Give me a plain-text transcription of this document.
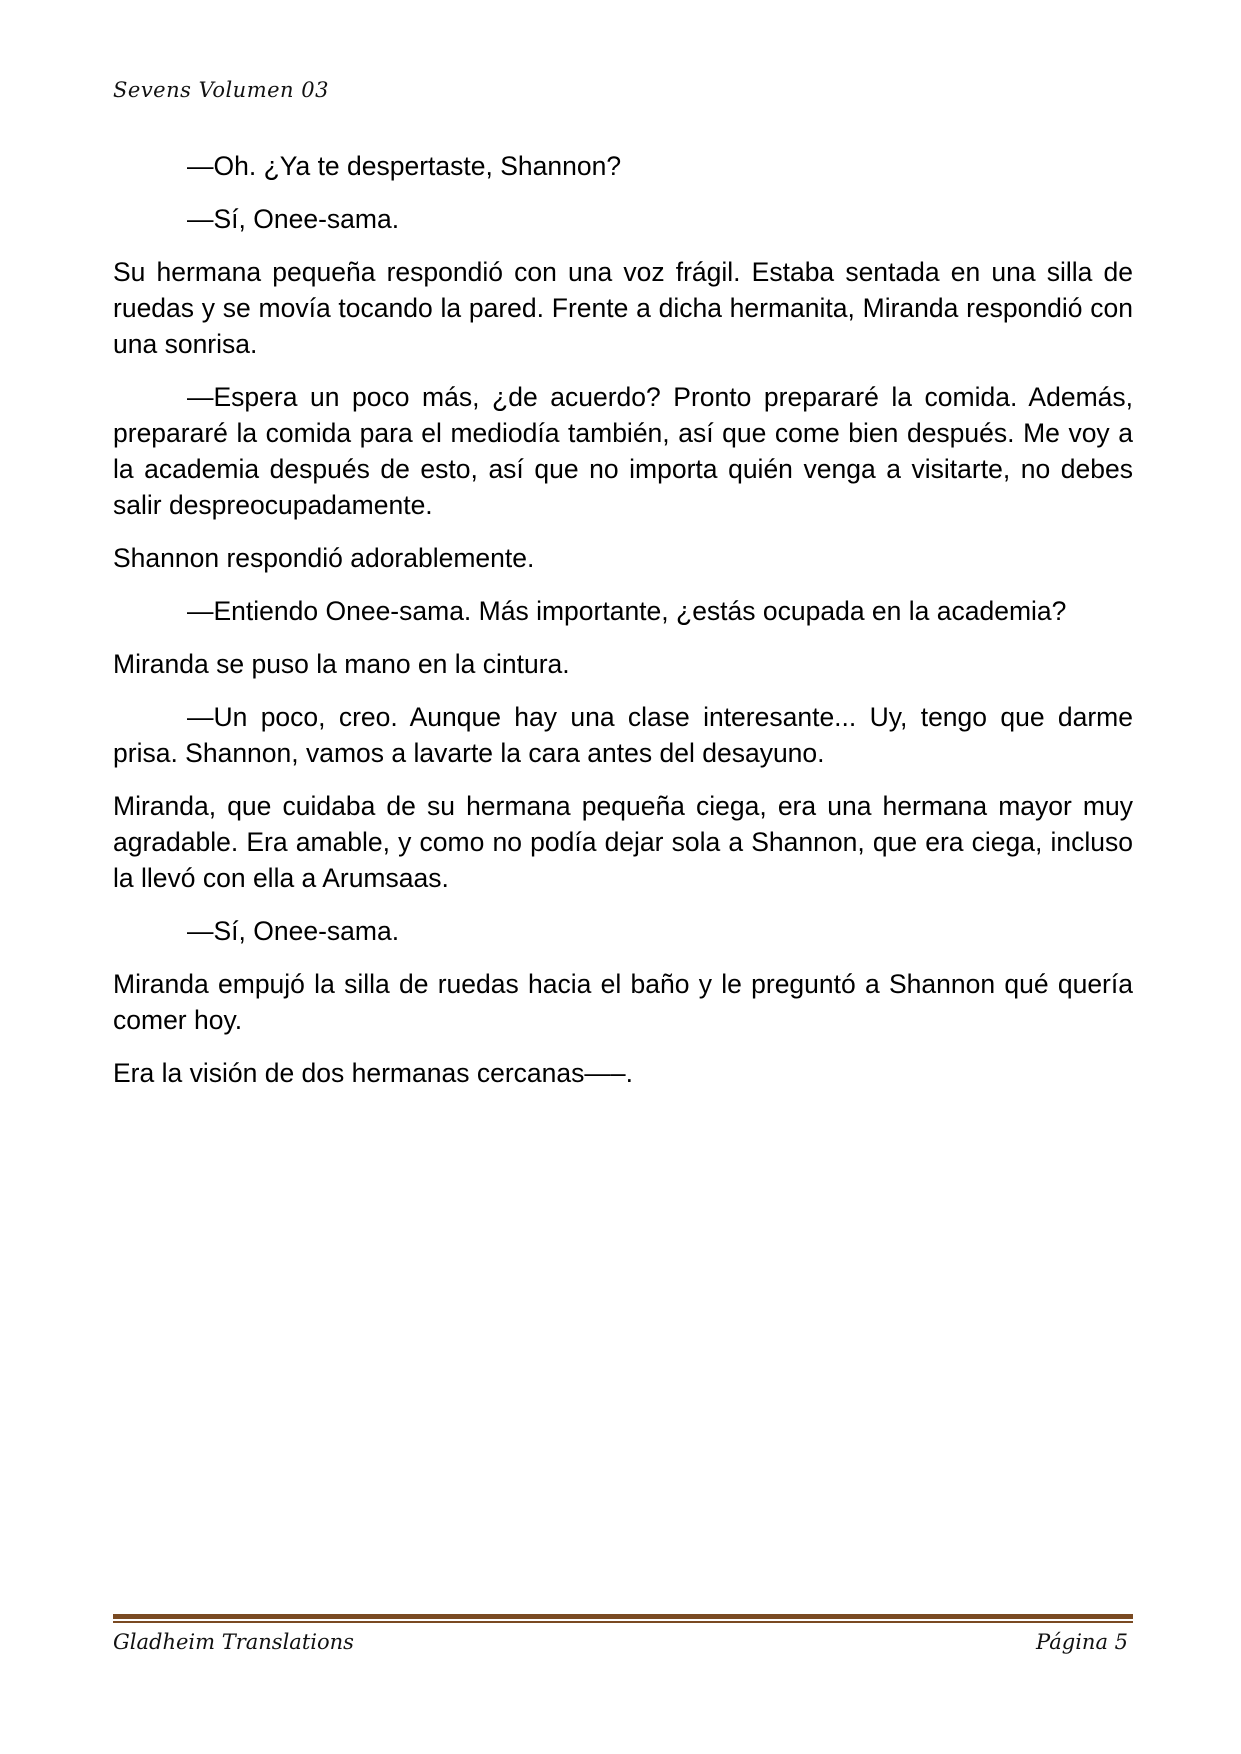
Sevens Volumen 03

—Oh. ¿Ya te despertaste, Shannon?

—Sí, Onee-sama.

Su hermana pequeña respondió con una voz frágil. Estaba sentada en una silla de ruedas y se movía tocando la pared. Frente a dicha hermanita, Miranda respondió con una sonrisa.

—Espera un poco más, ¿de acuerdo? Pronto prepararé la comida. Además, prepararé la comida para el mediodía también, así que come bien después. Me voy a la academia después de esto, así que no importa quién venga a visitarte, no debes salir despreocupadamente.

Shannon respondió adorablemente.

—Entiendo Onee-sama. Más importante, ¿estás ocupada en la academia?

Miranda se puso la mano en la cintura.

—Un poco, creo. Aunque hay una clase interesante... Uy, tengo que darme prisa. Shannon, vamos a lavarte la cara antes del desayuno.

Miranda, que cuidaba de su hermana pequeña ciega, era una hermana mayor muy agradable. Era amable, y como no podía dejar sola a Shannon, que era ciega, incluso la llevó con ella a Arumsaas.

—Sí, Onee-sama.

Miranda empujó la silla de ruedas hacia el baño y le preguntó a Shannon qué quería comer hoy.

Era la visión de dos hermanas cercanas—–.

Gladheim Translations	Página 5
